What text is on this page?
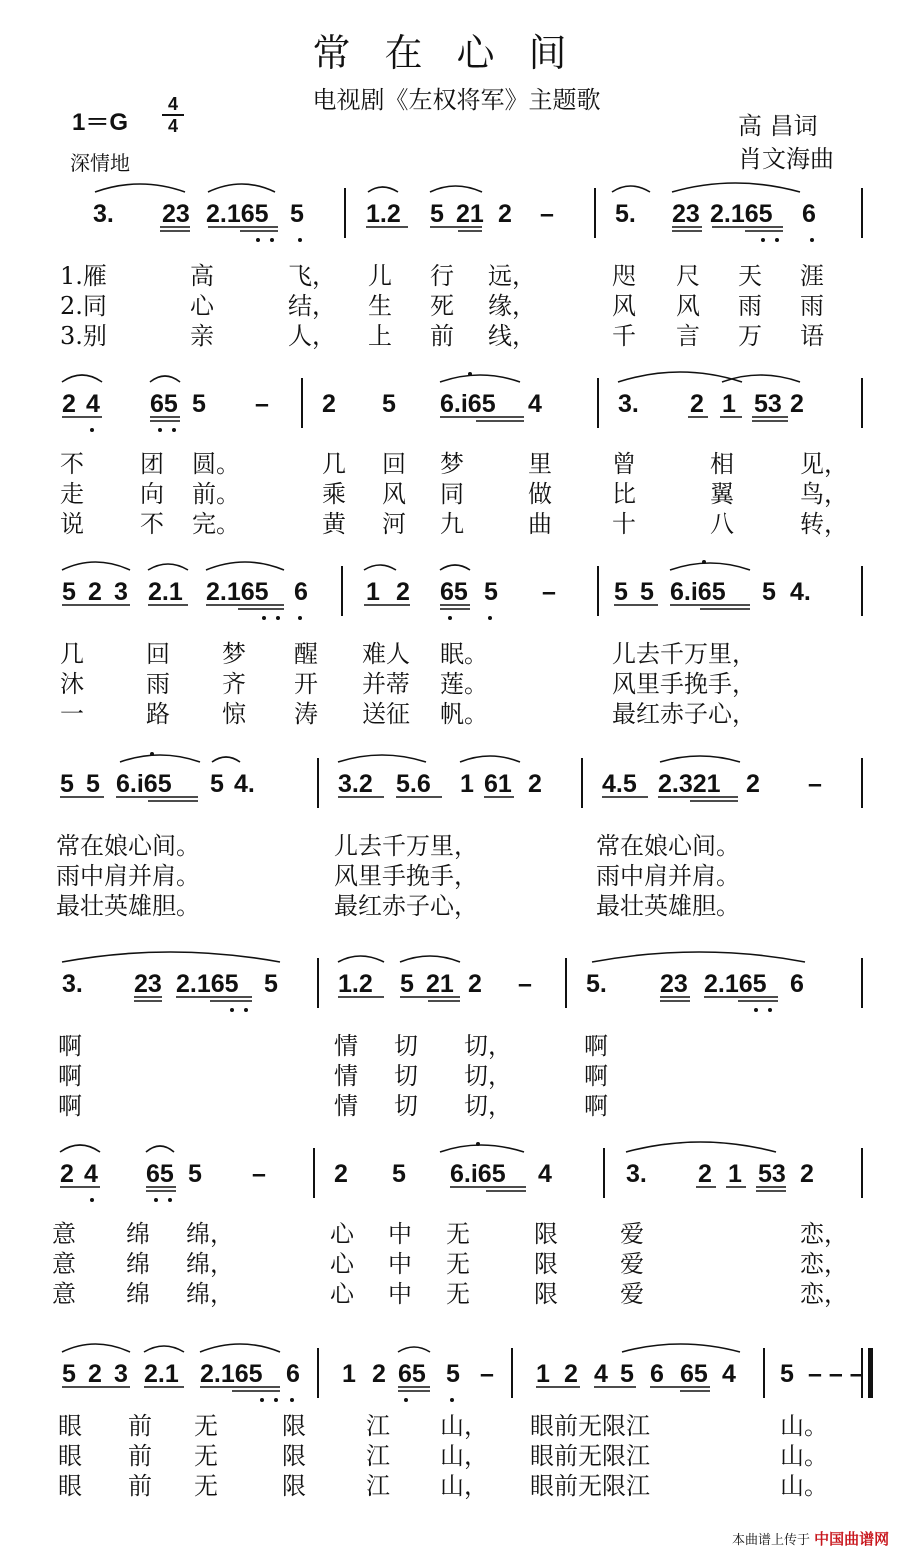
常在心间
电视剧《左权将军》主题歌
$1=G \frac{4}{4}$
深情地
高 昌词
肖文海曲
3. 23 2.165 5 1.2 5 21 2 – 5. 23 2.165 6
1.雁	高	飞， 儿 行 远，	咫 尺 天 涯
2.同	心	结， 生 死 缘，	风 风 雨 雨
3.别	亲	人， 上 前 线，	千 言 万 语
2 4 65 5 – 2 5 6.i65 4	3. 2 1 53 2
不 团 圆。	几 回 梦	里	曾	相	见，
走 向 前。	乘 风 同	做	比	翼	鸟，
说 不 完。	黄 河 九	曲	十	八	转，
5 2 3 2.1 2.165 6 1 2 65 5 – 5 5 6.i65 5 4.
几	回 梦 醒 难人 眠。	儿去千万里，
沐	雨 齐 开 并蒂 莲。	风里手挽手，
一	路 惊 涛 送征 帆。	最红赤子心，
5 5 6.i65 5 4.	3.2 5.6 1 61 2 4.5 2.321 2 –
常在娘心间。	儿去千万里，	常在娘心间。
雨中肩并肩。	风里手挽手，	雨中肩并肩。
最壮英雄胆。	最红赤子心，	最壮英雄胆。
3. 23 2.165 5 1.2 5 21 2 – 5. 23 2.165 6
啊	情 切 切，	啊
啊	情 切 切，	啊
啊	情 切 切，	啊
2 4 65 5 –	2 5 6.i65 4	3. 2 1 53 2
意 绵 绵，	心 中 无	限	爱	恋，
意 绵 绵，	心 中 无	限	爱	恋，
意 绵 绵，	心 中 无	限	爱	恋，
5 2 3 2.1 2.165 6 1 2 65 5 – 1 2 4 5 6 65 4 5 – – –
眼 前 无	限	江 山， 眼前无限江	山。
眼 前 无	限	江 山， 眼前无限江	山。
眼 前 无	限	江 山， 眼前无限江	山。
本曲谱上传于 中国曲谱网
